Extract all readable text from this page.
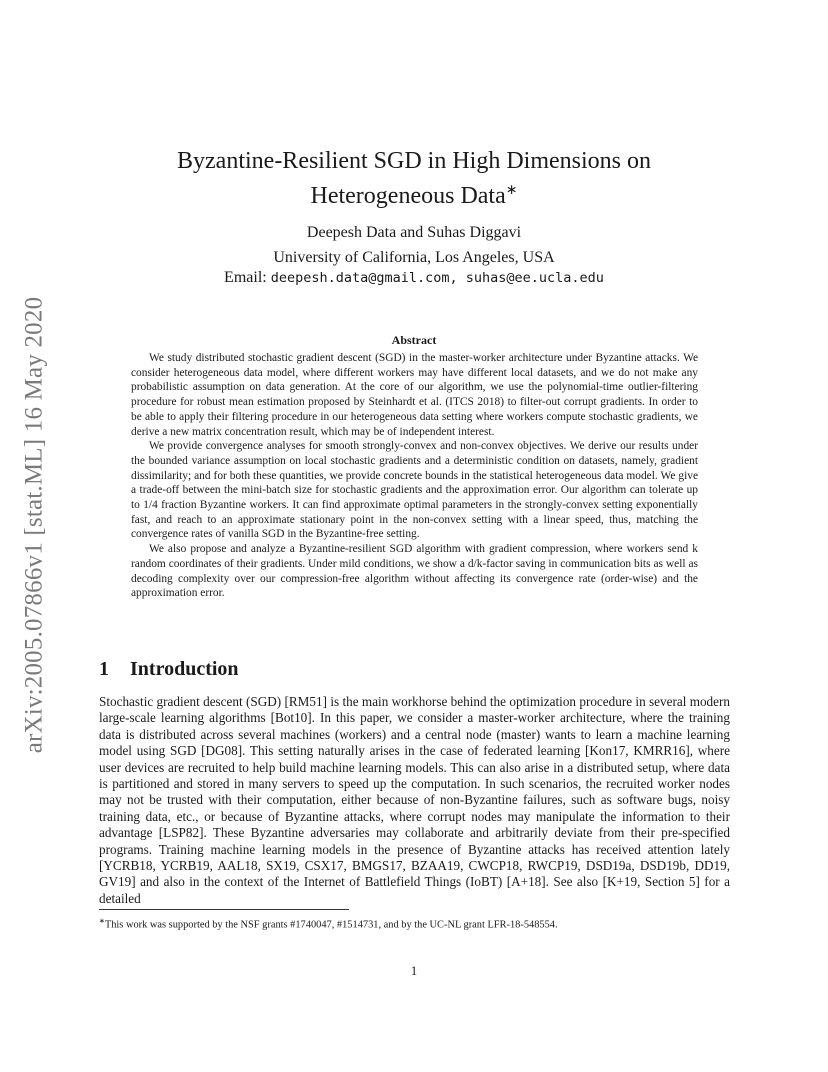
arXiv:2005.07866v1 [stat.ML] 16 May 2020
Byzantine-Resilient SGD in High Dimensions on
Heterogeneous Data∗
Deepesh Data and Suhas Diggavi
University of California, Los Angeles, USA
Email: deepesh.data@gmail.com, suhas@ee.ucla.edu
Abstract

We study distributed stochastic gradient descent (SGD) in the master-worker architecture under Byzantine attacks. We consider heterogeneous data model, where different workers may have different local datasets, and we do not make any probabilistic assumption on data generation. At the core of our algorithm, we use the polynomial-time outlier-filtering procedure for robust mean estimation proposed by Steinhardt et al. (ITCS 2018) to filter-out corrupt gradients. In order to be able to apply their filtering procedure in our heterogeneous data setting where workers compute stochastic gradients, we derive a new matrix concentration result, which may be of independent interest.

We provide convergence analyses for smooth strongly-convex and non-convex objectives. We derive our results under the bounded variance assumption on local stochastic gradients and a deterministic condition on datasets, namely, gradient dissimilarity; and for both these quantities, we provide concrete bounds in the statistical heterogeneous data model. We give a trade-off between the mini-batch size for stochastic gradients and the approximation error. Our algorithm can tolerate up to 1/4 fraction Byzantine workers. It can find approximate optimal parameters in the strongly-convex setting exponentially fast, and reach to an approximate stationary point in the non-convex setting with a linear speed, thus, matching the convergence rates of vanilla SGD in the Byzantine-free setting.

We also propose and analyze a Byzantine-resilient SGD algorithm with gradient compression, where workers send k random coordinates of their gradients. Under mild conditions, we show a d/k-factor saving in communication bits as well as decoding complexity over our compression-free algorithm without affecting its convergence rate (order-wise) and the approximation error.

1 Introduction

Stochastic gradient descent (SGD) [RM51] is the main workhorse behind the optimization procedure in several modern large-scale learning algorithms [Bot10]. In this paper, we consider a master-worker architecture, where the training data is distributed across several machines (workers) and a central node (master) wants to learn a machine learning model using SGD [DG08]. This setting naturally arises in the case of federated learning [Kon17, KMRR16], where user devices are recruited to help build machine learning models. This can also arise in a distributed setup, where data is partitioned and stored in many servers to speed up the computation. In such scenarios, the recruited worker nodes may not be trusted with their computation, either because of non-Byzantine failures, such as software bugs, noisy training data, etc., or because of Byzantine attacks, where corrupt nodes may manipulate the information to their advantage [LSP82]. These Byzantine adversaries may collaborate and arbitrarily deviate from their pre-specified programs. Training machine learning models in the presence of Byzantine attacks has received attention lately [YCRB18, YCRB19, AAL18, SX19, CSX17, BMGS17, BZAA19, CWCP18, RWCP19, DSD19a, DSD19b, DD19, GV19] and also in the context of the Internet of Battlefield Things (IoBT) [A+18]. See also [K+19, Section 5] for a detailed

∗This work was supported by the NSF grants #1740047, #1514731, and by the UC-NL grant LFR-18-548554.
1
